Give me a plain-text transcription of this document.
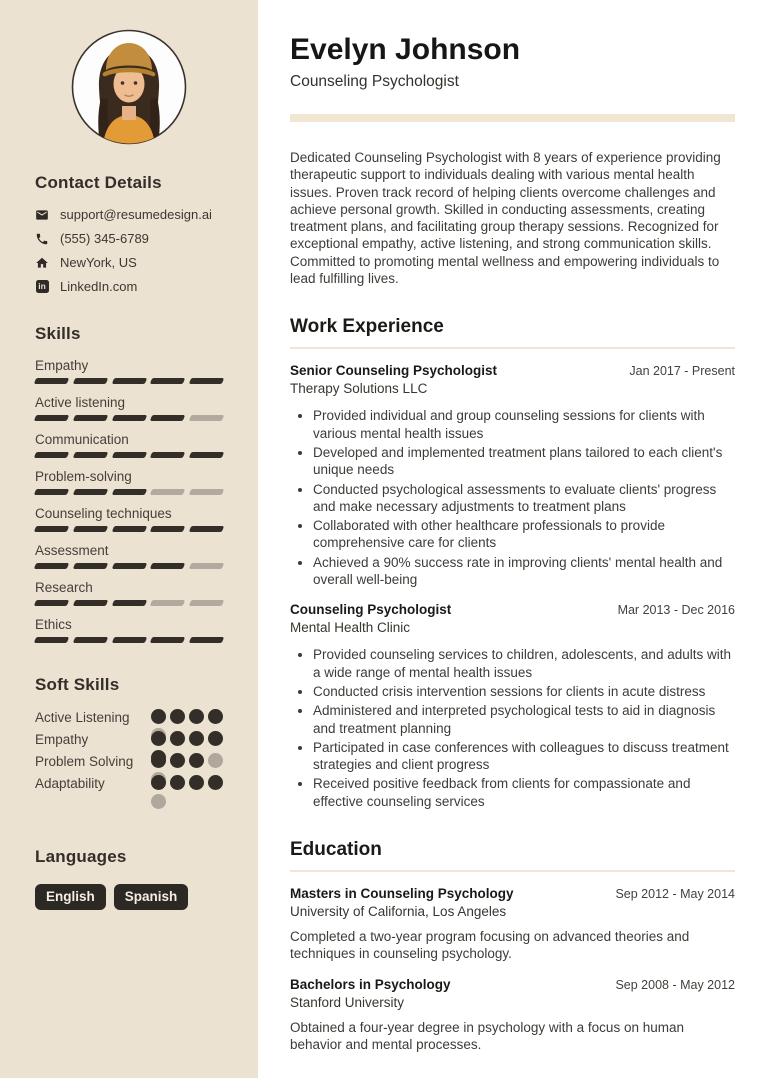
Contact Details
support@resumedesign.ai
(555) 345-6789
NewYork, US
in LinkedIn.com
Skills
Empathy
Active listening
Communication
Problem-solving
Counseling techniques
Assessment
Research
Ethics
Soft Skills
Active Listening
Empathy
Problem Solving
Adaptability
Languages
English	Spanish
Evelyn Johnson
Counseling Psychologist

Dedicated Counseling Psychologist with 8 years of experience providing therapeutic support to individuals dealing with various mental health issues. Proven track record of helping clients overcome challenges and achieve personal growth. Skilled in conducting assessments, creating treatment plans, and facilitating group therapy sessions. Recognized for exceptional empathy, active listening, and strong communication skills. Committed to promoting mental wellness and empowering individuals to lead fulfilling lives.

Work Experience
Senior Counseling Psychologist	Jan 2017 - Present
Therapy Solutions LLC
• Provided individual and group counseling sessions for clients with various mental health issues
• Developed and implemented treatment plans tailored to each client's unique needs
• Conducted psychological assessments to evaluate clients' progress and make necessary adjustments to treatment plans
• Collaborated with other healthcare professionals to provide comprehensive care for clients
• Achieved a 90% success rate in improving clients' mental health and overall well-being
Counseling Psychologist	Mar 2013 - Dec 2016
Mental Health Clinic
• Provided counseling services to children, adolescents, and adults with a wide range of mental health issues
• Conducted crisis intervention sessions for clients in acute distress
• Administered and interpreted psychological tests to aid in diagnosis and treatment planning
• Participated in case conferences with colleagues to discuss treatment strategies and client progress
• Received positive feedback from clients for compassionate and effective counseling services
Education
Masters in Counseling Psychology	Sep 2012 - May 2014
University of California, Los Angeles
Completed a two-year program focusing on advanced theories and techniques in counseling psychology.
Bachelors in Psychology	Sep 2008 - May 2012
Stanford University
Obtained a four-year degree in psychology with a focus on human behavior and mental processes.
